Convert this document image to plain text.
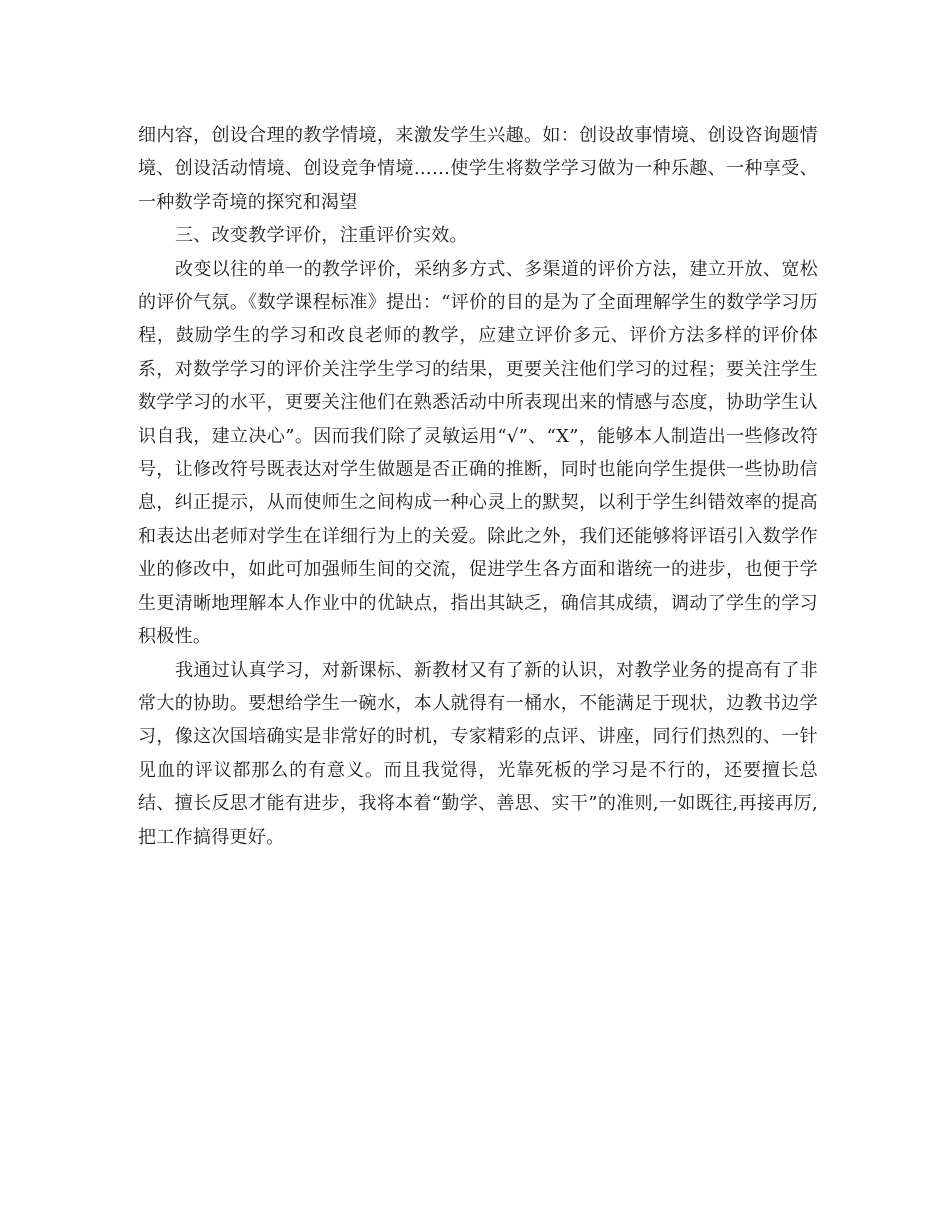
细内容，创设合理的教学情境，来激发学生兴趣。如：创设故事情境、创设咨询题情境、创设活动情境、创设竞争情境……使学生将数学学习做为一种乐趣、一种享受、一种数学奇境的探究和渴望

三、改变教学评价，注重评价实效。

改变以往的单一的教学评价，采纳多方式、多渠道的评价方法，建立开放、宽松的评价气氛。《数学课程标准》提出：“评价的目的是为了全面理解学生的数学学习历程，鼓励学生的学习和改良老师的教学，应建立评价多元、评价方法多样的评价体系，对数学学习的评价关注学生学习的结果，更要关注他们学习的过程；要关注学生数学学习的水平，更要关注他们在熟悉活动中所表现出来的情感与态度，协助学生认识自我，建立决心”。因而我们除了灵敏运用“√”、“X”，能够本人制造出一些修改符号，让修改符号既表达对学生做题是否正确的推断，同时也能向学生提供一些协助信息，纠正提示，从而使师生之间构成一种心灵上的默契，以利于学生纠错效率的提高和表达出老师对学生在详细行为上的关爱。除此之外，我们还能够将评语引入数学作业的修改中，如此可加强师生间的交流，促进学生各方面和谐统一的进步，也便于学生更清晰地理解本人作业中的优缺点，指出其缺乏，确信其成绩，调动了学生的学习积极性。

我通过认真学习，对新课标、新教材又有了新的认识，对教学业务的提高有了非常大的协助。要想给学生一碗水，本人就得有一桶水，不能满足于现状，边教书边学习，像这次国培确实是非常好的时机，专家精彩的点评、讲座，同行们热烈的、一针见血的评议都那么的有意义。而且我觉得，光靠死板的学习是不行的，还要擅长总结、擅长反思才能有进步，我将本着“勤学、善思、实干”的准则,一如既往,再接再厉,把工作搞得更好。
